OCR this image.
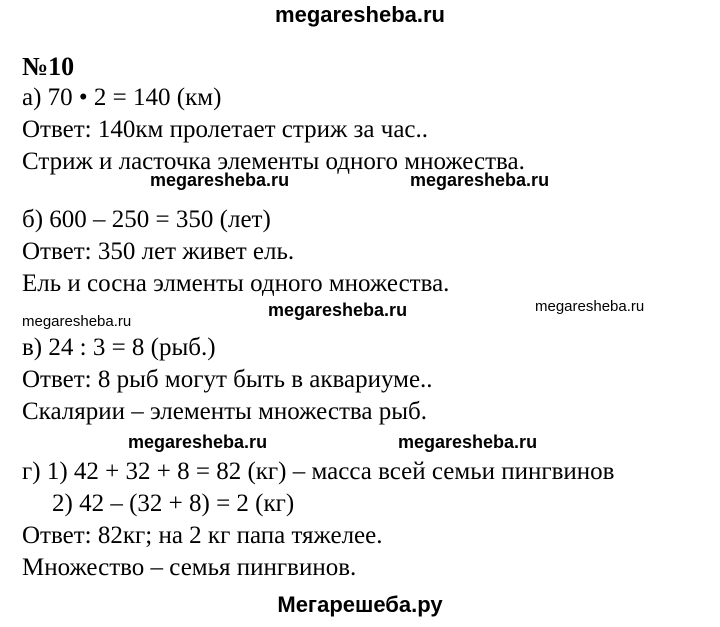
megaresheba.ru
№10
а) 70 • 2 = 140 (км)
Ответ: 140км пролетает стриж за час..
Стриж и ласточка элементы одного множества.
megaresheba.ru	megaresheba.ru
б) 600 – 250 = 350 (лет)
Ответ: 350 лет живет ель.
Ель и сосна элменты одного множества.
megaresheba.ru	megaresheba.ru
megaresheba.ru
в) 24 : 3 = 8 (рыб.)
Ответ: 8 рыб могут быть в аквариуме..
Скалярии – элементы множества рыб.
megaresheba.ru	megaresheba.ru
г) 1) 42 + 32 + 8 = 82 (кг) – масса всей семьи пингвинов
2) 42 – (32 + 8) = 2 (кг)
Ответ: 82кг; на 2 кг папа тяжелее.
Множество – семья пингвинов.
Мегарешеба.ру
